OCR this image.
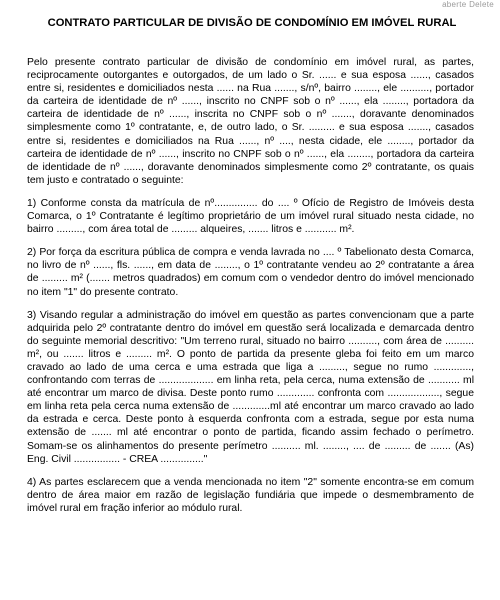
aberte Delete
CONTRATO PARTICULAR DE DIVISÃO DE CONDOMÍNIO EM IMÓVEL RURAL

Pelo presente contrato particular de divisão de condomínio em imóvel rural, as partes, reciprocamente outorgantes e outorgados, de um lado o Sr. ...... e sua esposa ......, casados entre si, residentes e domiciliados nesta ...... na Rua ......., s/nº, bairro ........, ele .........., portador da carteira de identidade de nº ......, inscrito no CNPF sob o nº ......, ela ........, portadora da carteira de identidade de nº ......, inscrita no CNPF sob o nº ......., doravante denominados simplesmente como 1º contratante, e, de outro lado, o Sr. ......... e sua esposa ......., casados entre si, residentes e domiciliados na Rua ......, nº ...., nesta cidade, ele ........, portador da carteira de identidade de nº ......, inscrito no CNPF sob o nº ......, ela ........, portadora da carteira de identidade de nº ......, doravante denominados simplesmente como 2º contratante, os quais tem justo e contratado o seguinte:

1) Conforme consta da matrícula de nº............... do .... º Ofício de Registro de Imóveis desta Comarca, o 1º Contratante é legítimo proprietário de um imóvel rural situado nesta cidade, no bairro ........., com área total de ......... alqueires, ....... litros e ........... m².

2) Por força da escritura pública de compra e venda lavrada no .... º Tabelionato desta Comarca, no livro de nº ......, fls. ......, em data de ........, o 1º contratante vendeu ao 2º contratante a área de ......... m² (....... metros quadrados) em comum com o vendedor dentro do imóvel mencionado no item "1" do presente contrato.

3) Visando regular a administração do imóvel em questão as partes convencionam que a parte adquirida pelo 2º contratante dentro do imóvel em questão será localizada e demarcada dentro do seguinte memorial descritivo: "Um terreno rural, situado no bairro .........., com área de .......... m², ou ....... litros e ......... m². O ponto de partida da presente gleba foi feito em um marco cravado ao lado de uma cerca e uma estrada que liga a ........., segue no rumo ............., confrontando com terras de ................... em linha reta, pela cerca, numa extensão de ........... ml até encontrar um marco de divisa. Deste ponto rumo ............. confronta com .................., segue em linha reta pela cerca numa extensão de .............ml até encontrar um marco cravado ao lado da estrada e cerca. Deste ponto à esquerda confronta com a estrada, segue por esta numa extensão de ....... ml até encontrar o ponto de partida, ficando assim fechado o perímetro. Somam-se os alinhamentos do presente perímetro .......... ml. ........, .... de ......... de ....... (As) Eng. Civil ................ - CREA ..............."

4) As partes esclarecem que a venda mencionada no item "2" somente encontra-se em comum dentro de área maior em razão de legislação fundiária que impede o desmembramento de imóvel rural em fração inferior ao módulo rural.
